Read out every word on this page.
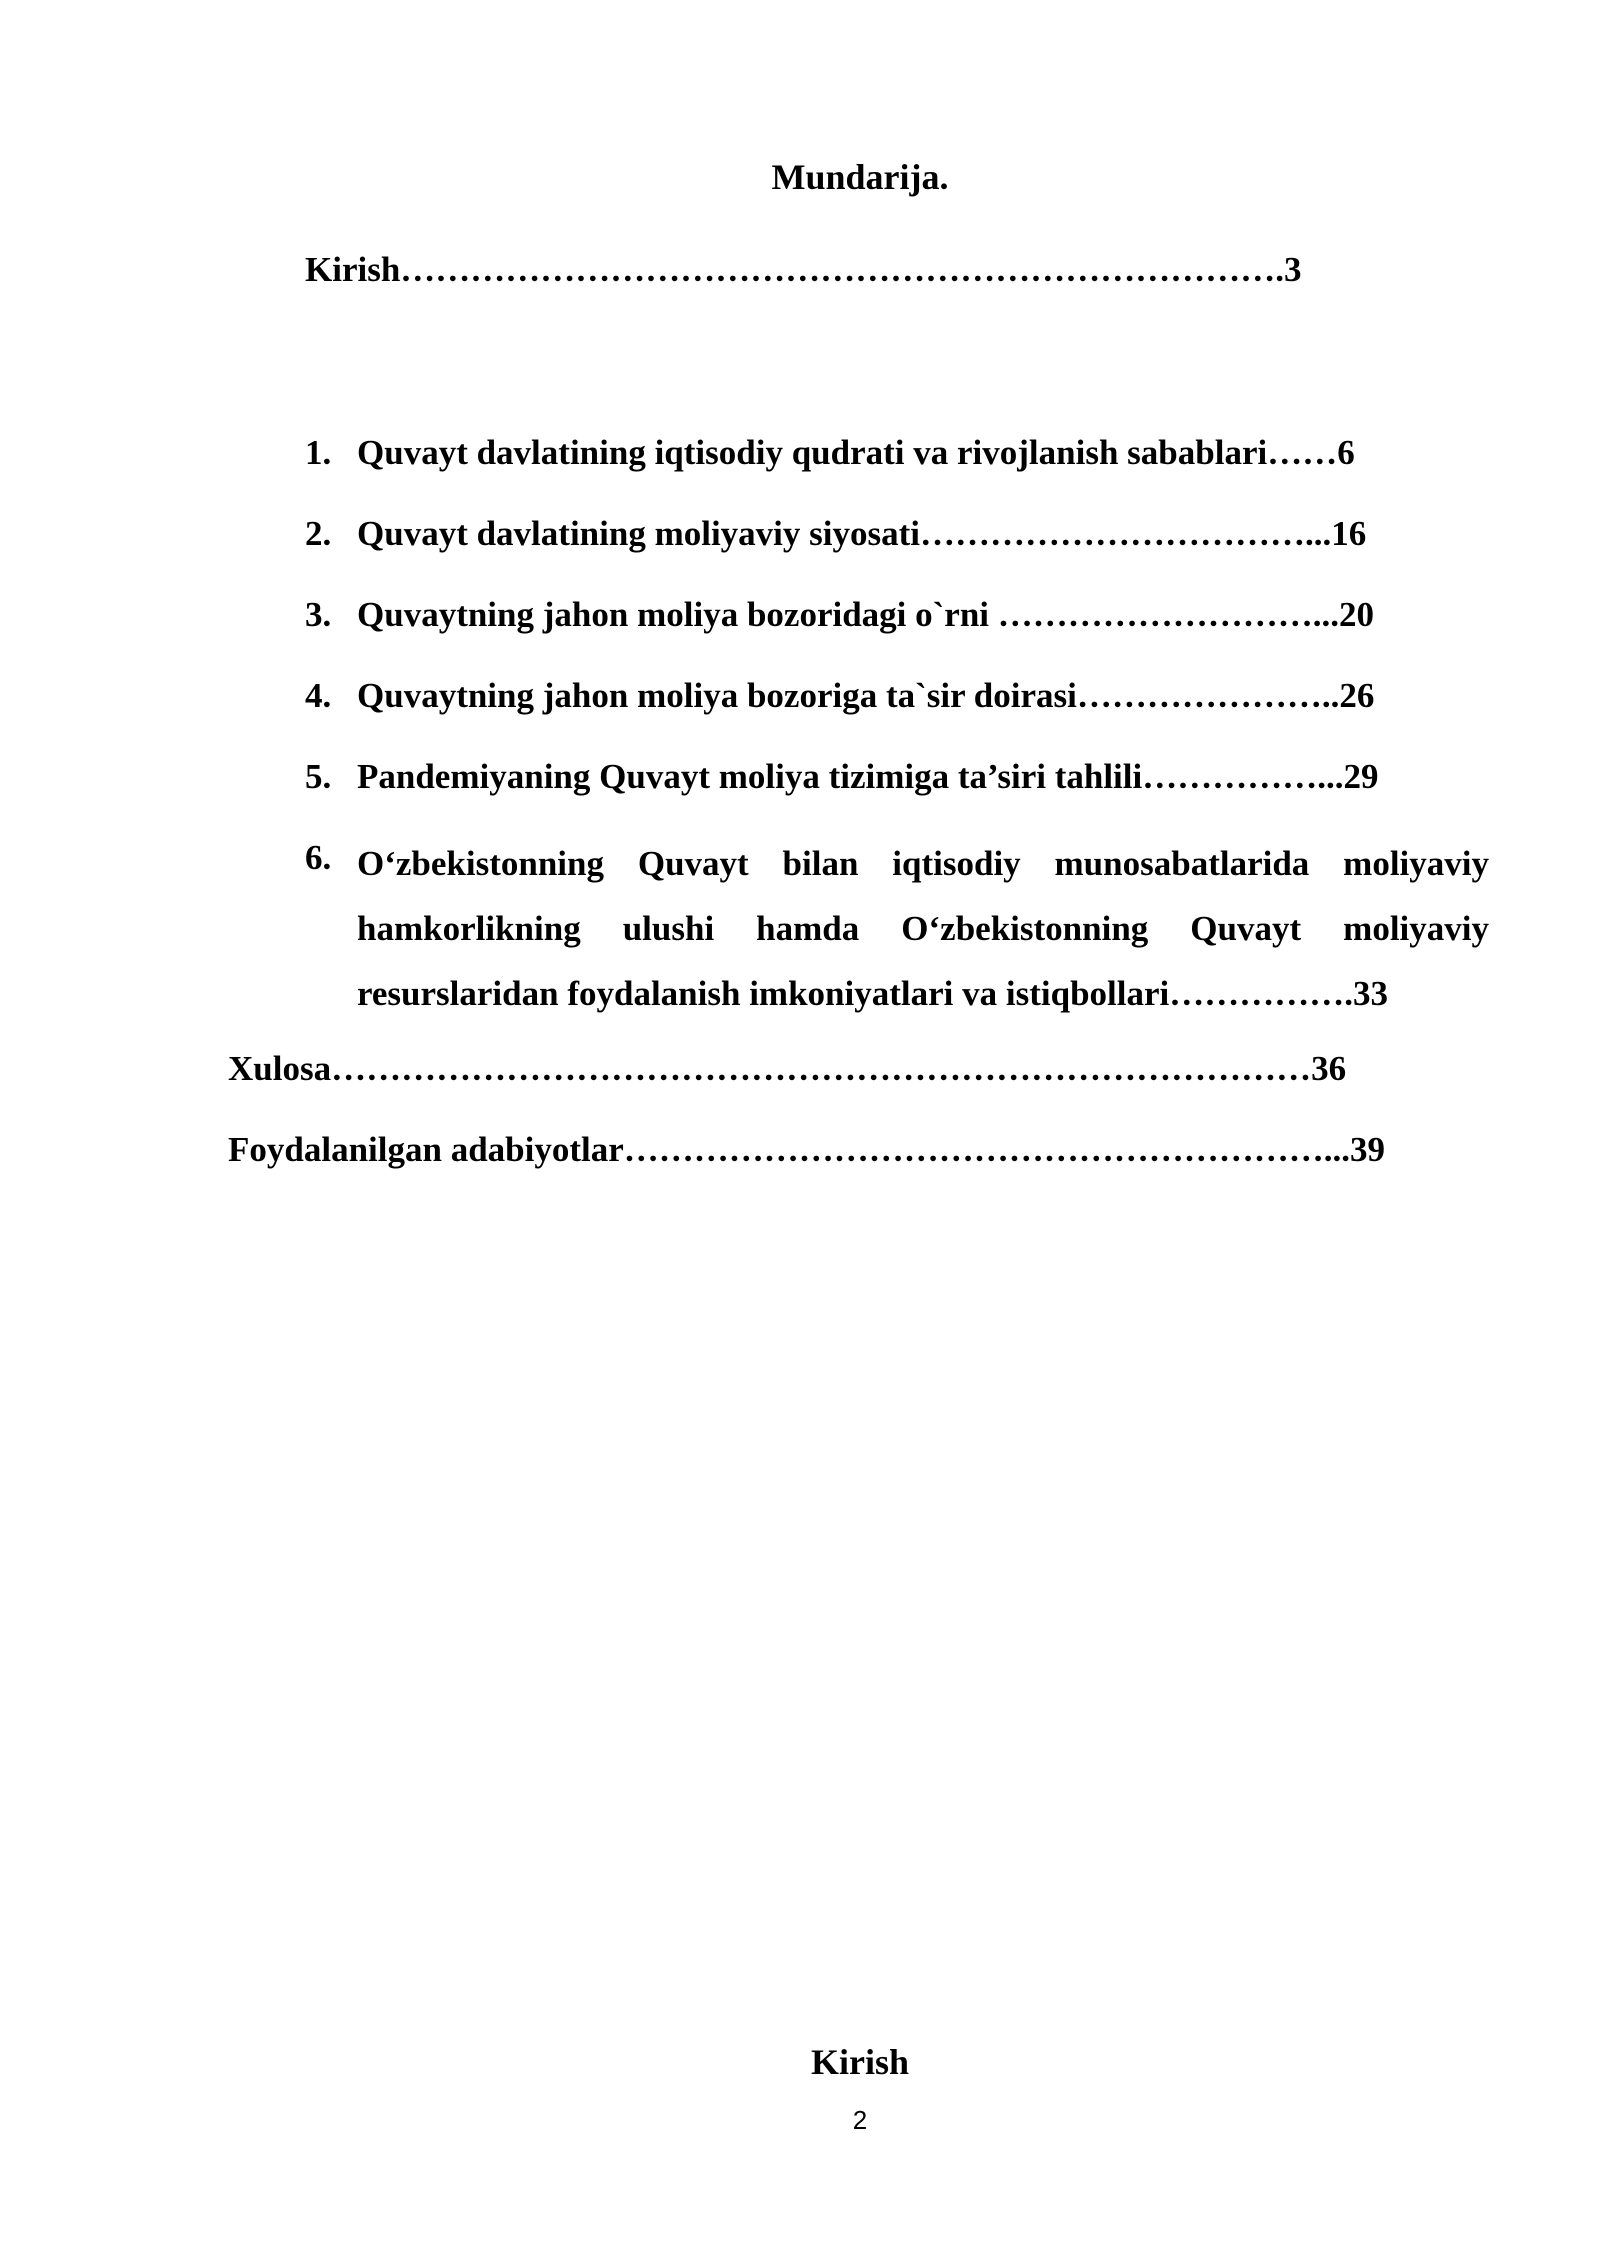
Mundarija.
Kirish………………………………………………………………….3
1. Quvayt davlatining iqtisodiy qudrati va rivojlanish sabablari……6
2. Quvayt davlatining moliyaviy siyosati……………………………...16
3. Quvaytning jahon moliya bozoridagi o`rni ………………………...20
4. Quvaytning jahon moliya bozoriga ta`sir doirasi…………………..26
5. Pandemiyaning Quvayt moliya tizimiga ta’siri tahlili……………...29
6. O‘zbekistonning Quvayt bilan iqtisodiy munosabatlarida moliyaviy hamkorlikning ulushi hamda O‘zbekistonning Quvayt moliyaviy resurslaridan foydalanish imkoniyatlari va istiqbollari…………….33
Xulosa…………………………………………………………………………36
Foydalanilgan adabiyotlar……………………………………………………...39
Kirish
2
